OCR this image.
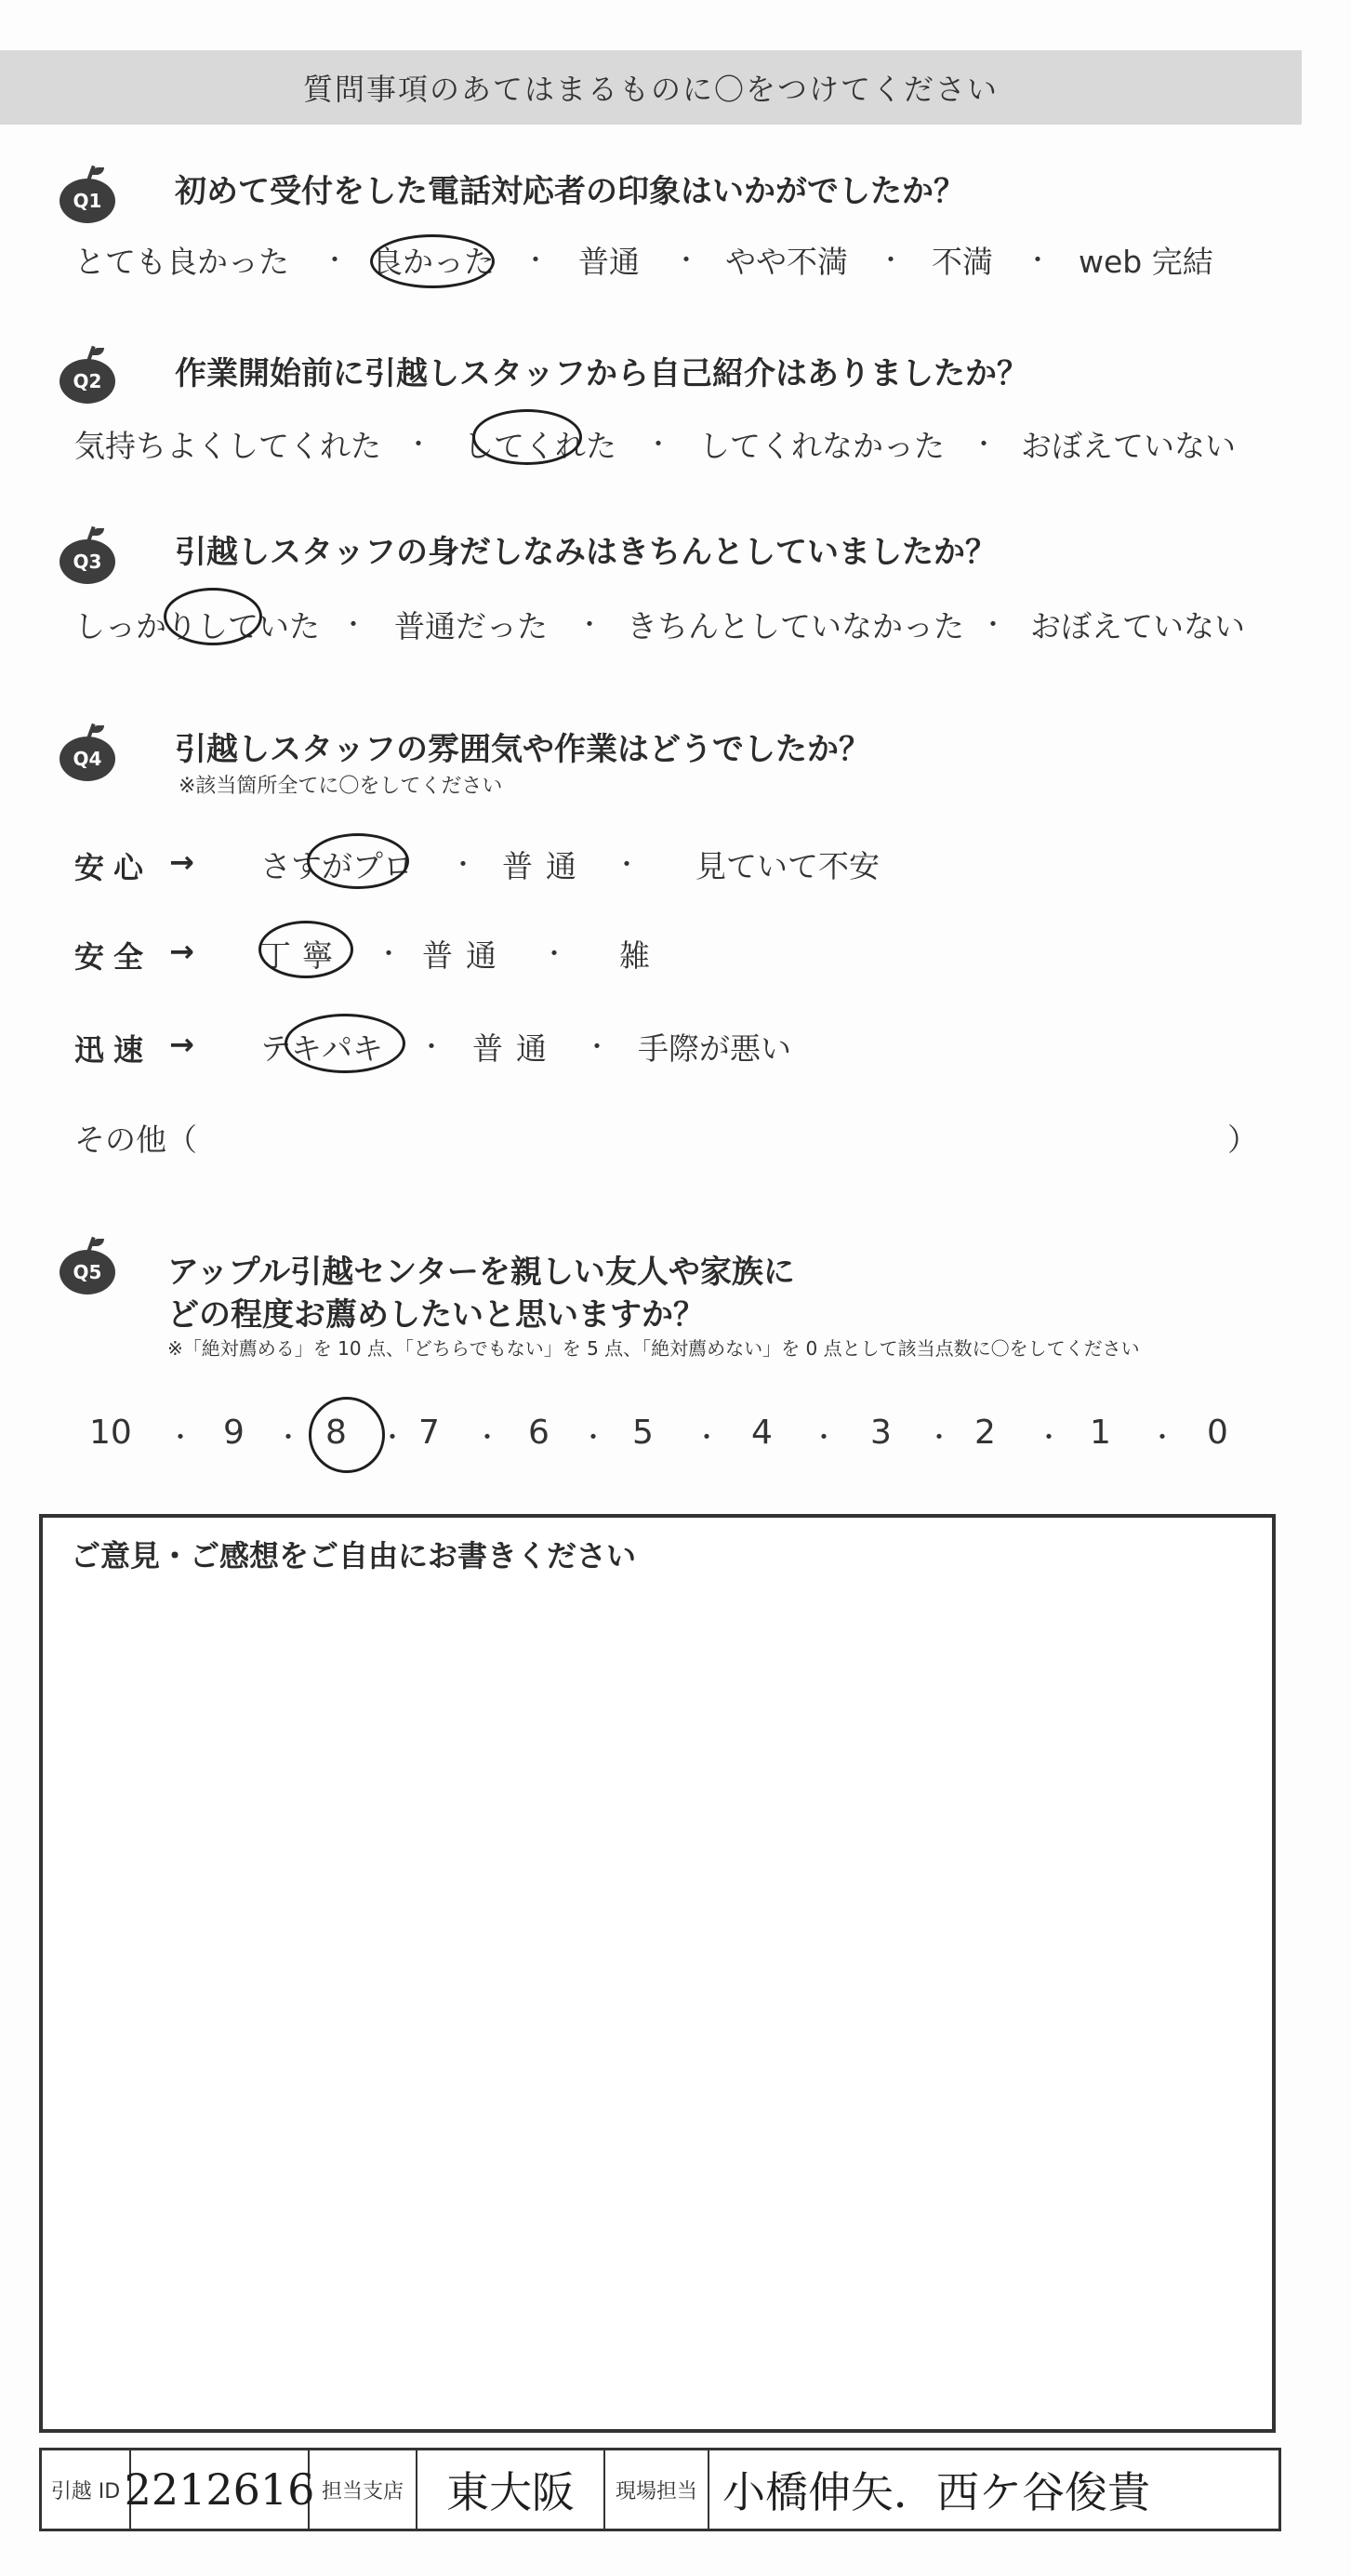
質問事項のあてはまるものに〇をつけてください
Q1	初めて受付をした電話対応者の印象はいかがでしたか？
とても良かった ・ 良かった ・ 普通 ・ やや不満 ・ 不満 ・ web 完結
Q2	作業開始前に引越しスタッフから自己紹介はありましたか？
気持ちよくしてくれた ・ してくれた ・ してくれなかった ・ おぼえていない
Q3	引越しスタッフの身だしなみはきちんとしていましたか？
しっかりしていた ・ 普通だった ・ きちんとしていなかった ・ おぼえていない
Q4	引越しスタッフの雰囲気や作業はどうでしたか？
※該当箇所全てに〇をしてください
安心 → さすがプロ ・ 普通 ・ 見ていて不安
安全 → 丁寧 ・ 普通 ・ 雑
迅速 → テキパキ ・ 普通 ・ 手際が悪い
その他（	）
Q5	アップル引越センターを親しい友人や家族に
どの程度お薦めしたいと思いますか？
※「絶対薦める」を 10 点、「どちらでもない」を 5 点、「絶対薦めない」を 0 点として該当点数に〇をしてください
10 ・ 9 ・ 8 ・ 7 ・ 6 ・ 5 ・ 4 ・ 3 ・ 2 ・ 1 ・ 0
ご意見・ご感想をご自由にお書きください
引越 ID 2212616 担当支店	東大阪	現場担当 小橋伸矢．西ケ谷俊貴
